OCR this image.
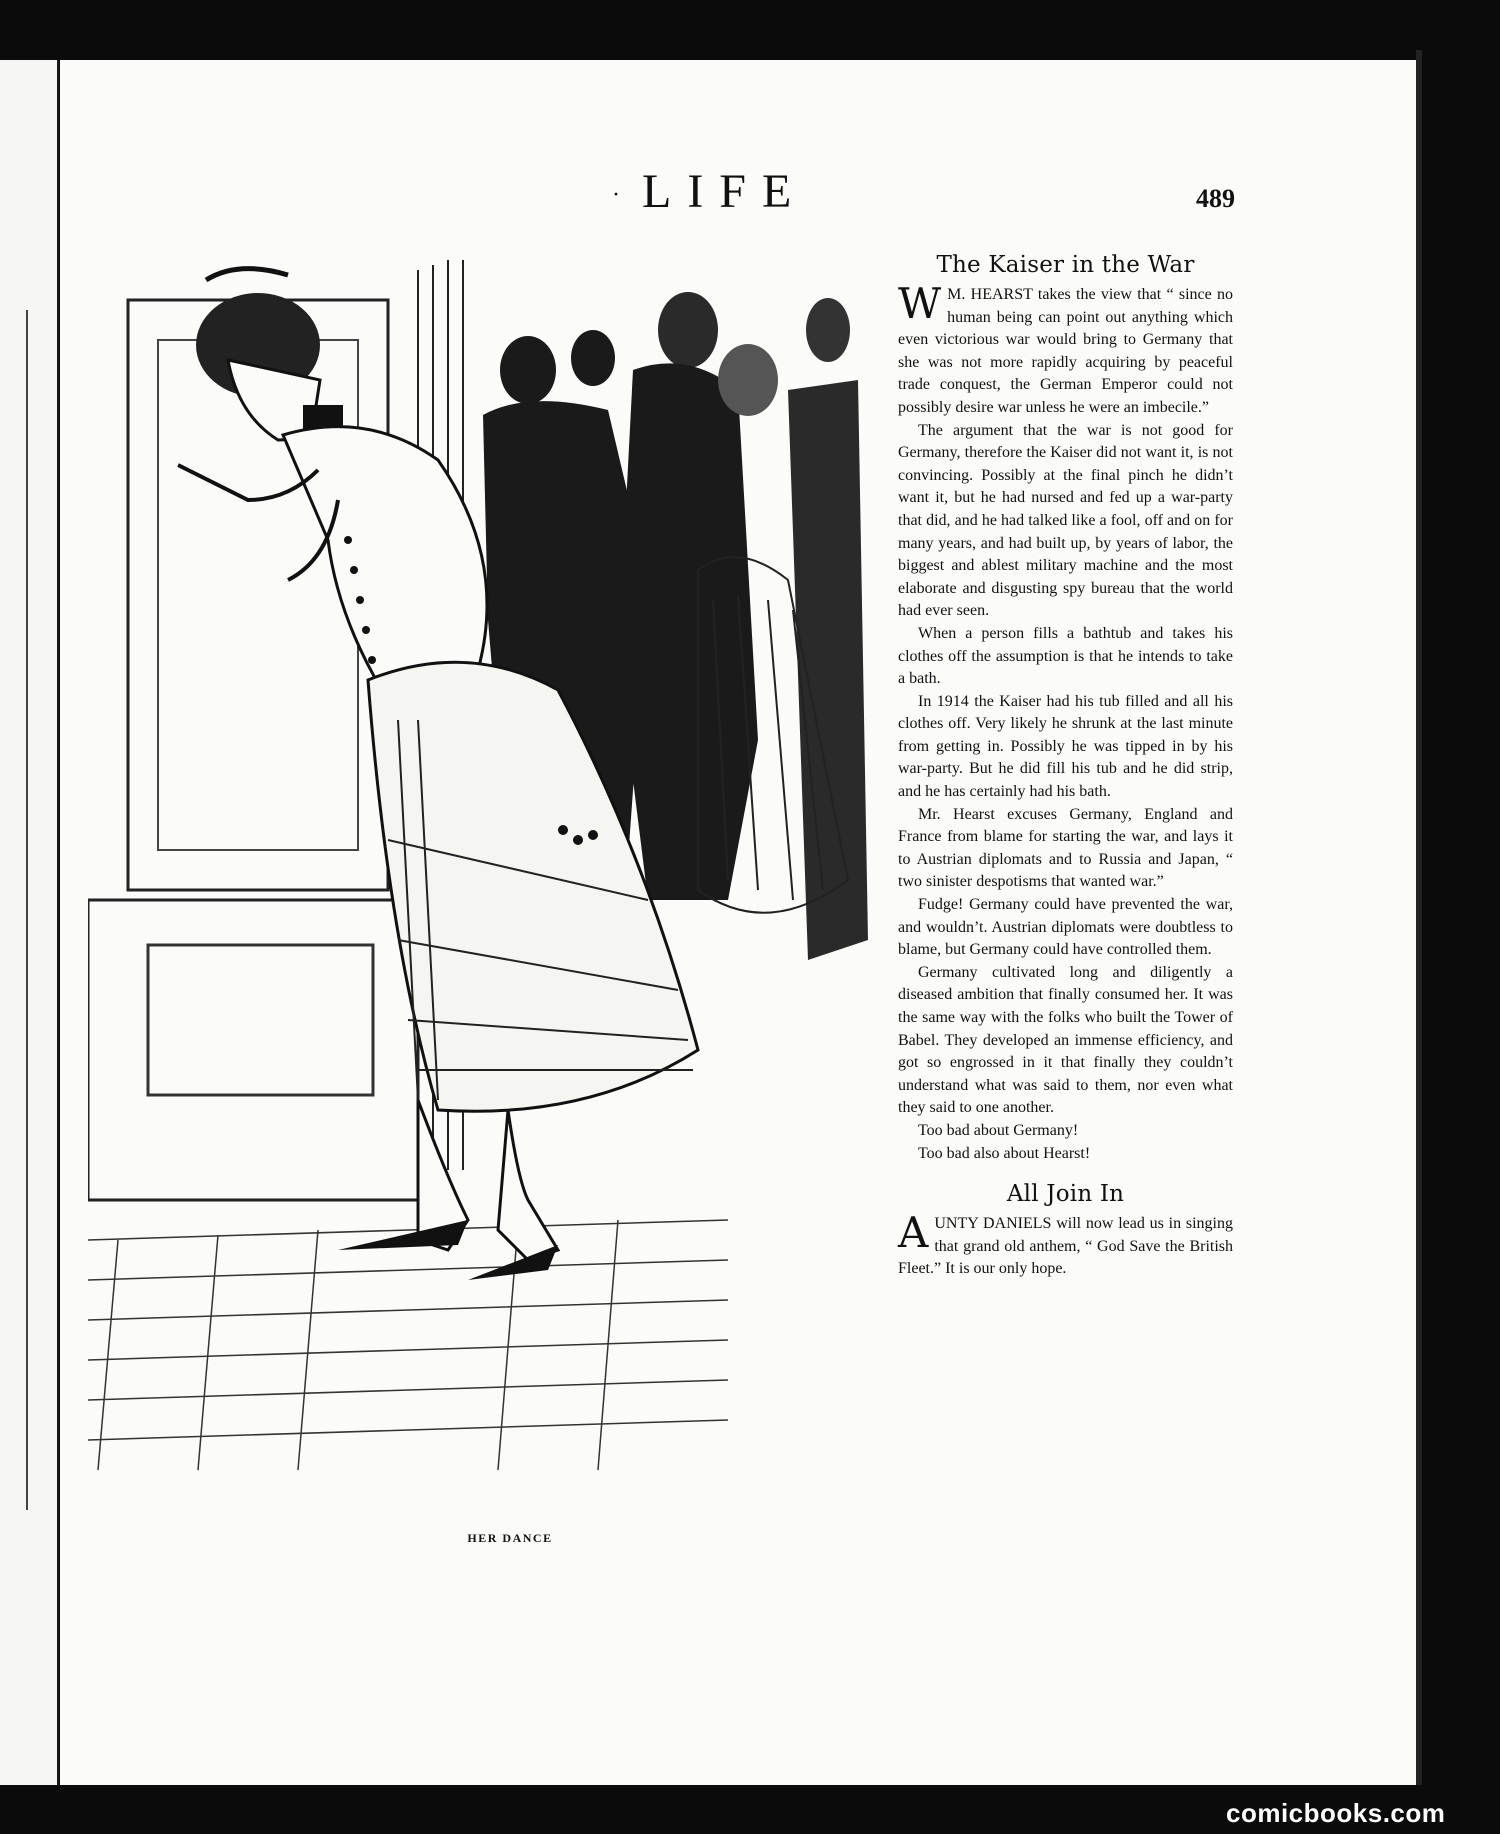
· LIFE	489
HER DANCE
The Kaiser in the War

W M. HEARST takes the view that “ since no human being can point out anything which even victorious war would bring to Germany that she was not more rapidly acquiring by peaceful trade conquest, the German Emperor could not possibly desire war unless he were an imbecile.”

The argument that the war is not good for Germany, therefore the Kaiser did not want it, is not convincing. Possibly at the final pinch he didn’t want it, but he had nursed and fed up a war-party that did, and he had talked like a fool, off and on for many years, and had built up, by years of labor, the biggest and ablest military machine and the most elaborate and disgusting spy bureau that the world had ever seen.

When a person fills a bathtub and takes his clothes off the assumption is that he intends to take a bath.

In 1914 the Kaiser had his tub filled and all his clothes off. Very likely he shrunk at the last minute from getting in. Possibly he was tipped in by his war-party. But he did fill his tub and he did strip, and he has certainly had his bath.

Mr. Hearst excuses Germany, England and France from blame for starting the war, and lays it to Austrian diplomats and to Russia and Japan, “ two sinister despotisms that wanted war.”

Fudge! Germany could have prevented the war, and wouldn’t. Austrian diplomats were doubtless to blame, but Germany could have controlled them.

Germany cultivated long and diligently a diseased ambition that finally consumed her. It was the same way with the folks who built the Tower of Babel. They developed an immense efficiency, and got so engrossed in it that finally they couldn’t understand what was said to them, nor even what they said to one another.

Too bad about Germany!

Too bad also about Hearst!

All Join In

AUNTY DANIELS will now lead us in singing that grand old anthem, “ God Save the British Fleet.” It is our only hope.

comicbooks.com
